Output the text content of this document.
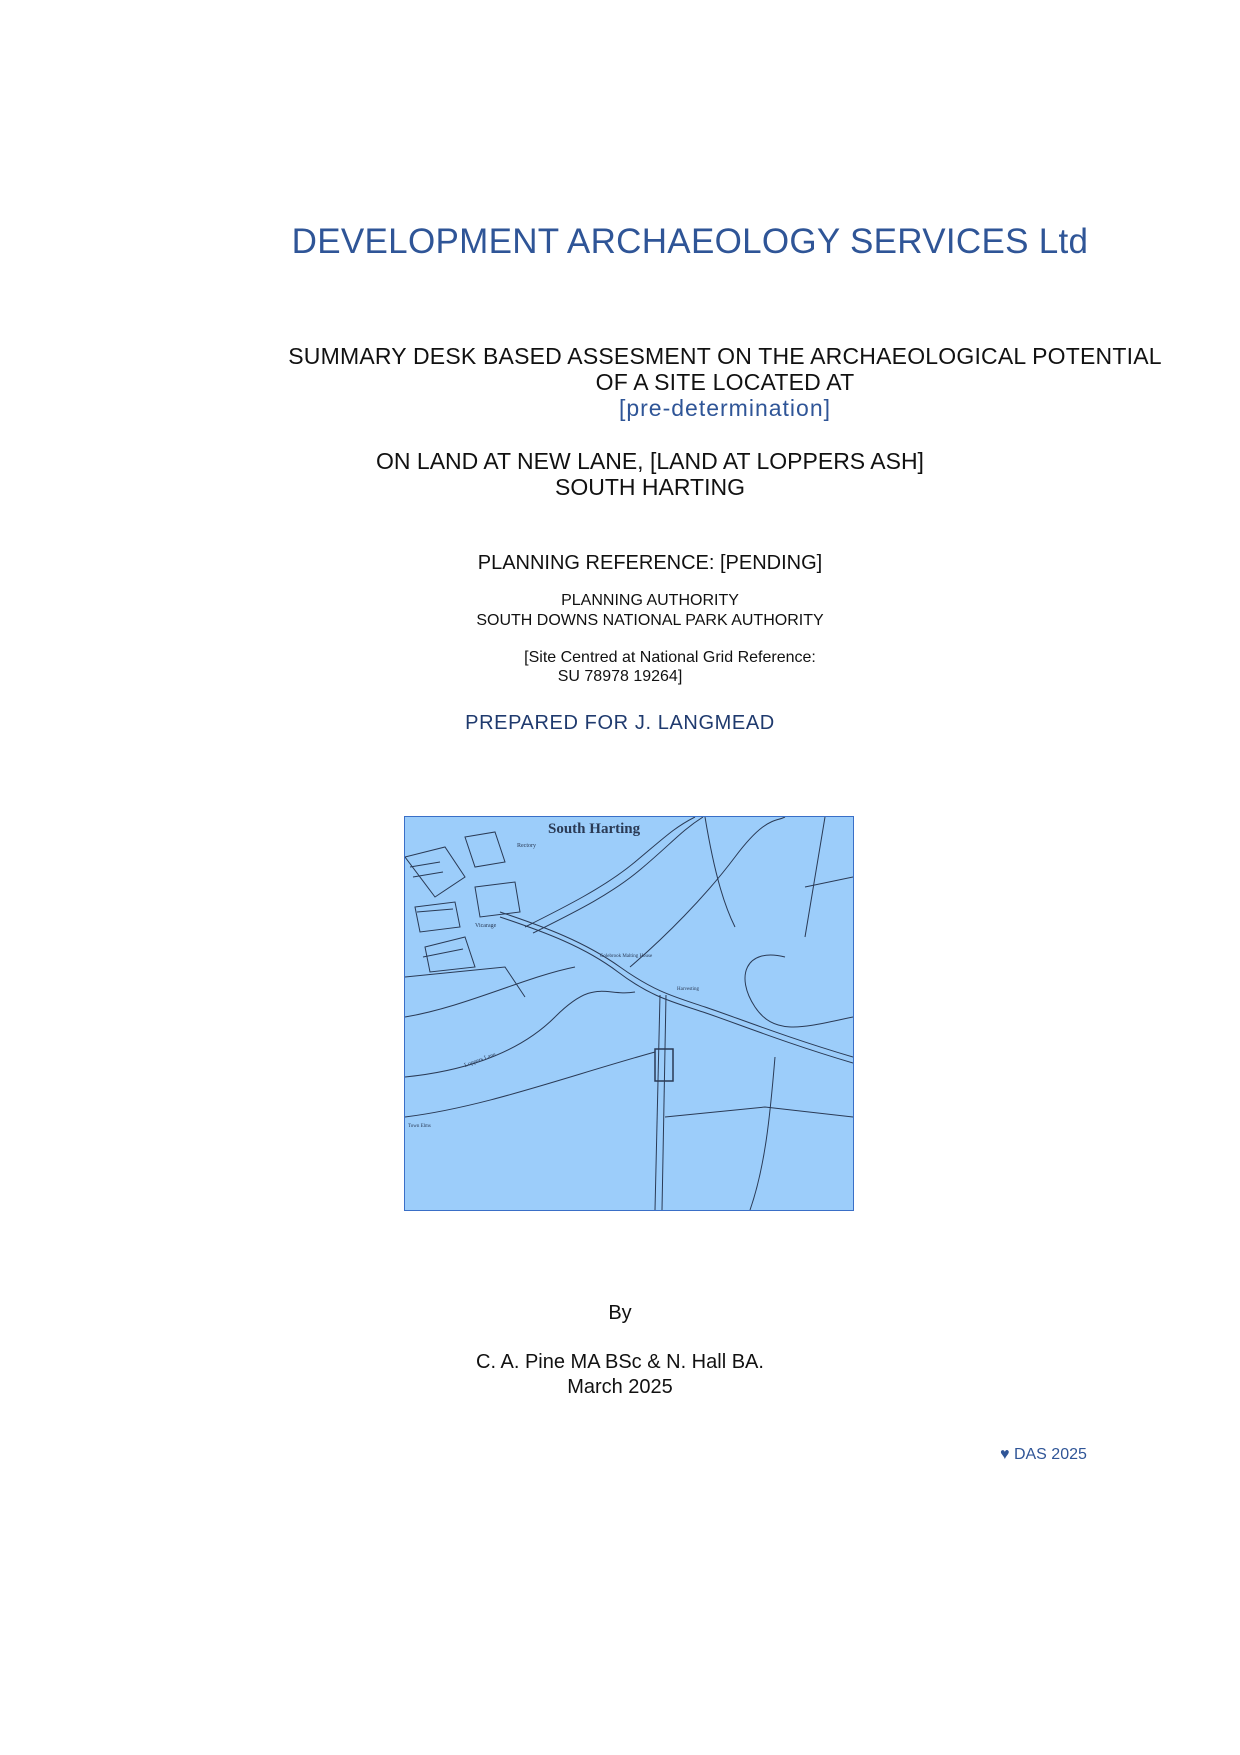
DEVELOPMENT ARCHAEOLOGY SERVICES Ltd
SUMMARY DESK BASED ASSESMENT ON THE ARCHAEOLOGICAL POTENTIAL
OF A SITE LOCATED AT
[pre-determination]
ON LAND AT NEW LANE, [LAND AT LOPPERS ASH]
SOUTH HARTING
PLANNING REFERENCE: [PENDING]
PLANNING AUTHORITY
SOUTH DOWNS NATIONAL PARK AUTHORITY
[Site Centred at National Grid Reference:
SU 78978 19264]
PREPARED FOR J. LANGMEAD
South Harting
Rectory
Vicarage
Colebrook Malting House
Harvesting
Loppers Lane
Town Elms
By
C. A. Pine MA BSc & N. Hall BA.
March 2025
♥ DAS 2025
